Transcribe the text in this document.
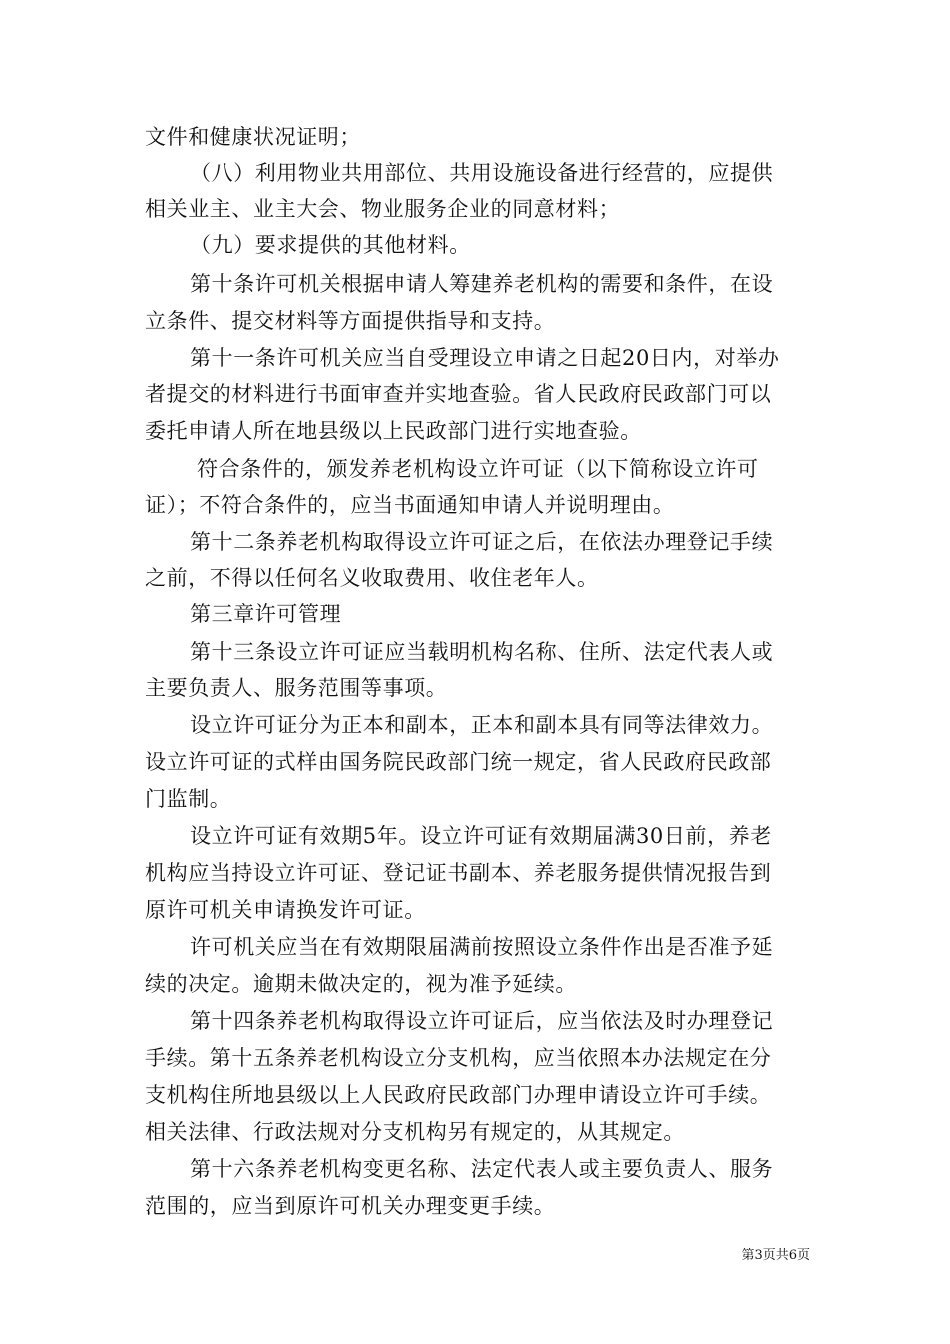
文件和健康状况证明；
（八）利用物业共用部位、共用设施设备进行经营的，应提供
相关业主、业主大会、物业服务企业的同意材料；
（九）要求提供的其他材料。
第十条许可机关根据申请人筹建养老机构的需要和条件，在设
立条件、提交材料等方面提供指导和支持。
第十一条许可机关应当自受理设立申请之日起20日内，对举办
者提交的材料进行书面审查并实地查验。省人民政府民政部门可以
委托申请人所在地县级以上民政部门进行实地查验。
符合条件的，颁发养老机构设立许可证（以下简称设立许可
证）；不符合条件的，应当书面通知申请人并说明理由。
第十二条养老机构取得设立许可证之后，在依法办理登记手续
之前，不得以任何名义收取费用、收住老年人。
第三章许可管理
第十三条设立许可证应当载明机构名称、住所、法定代表人或
主要负责人、服务范围等事项。
设立许可证分为正本和副本，正本和副本具有同等法律效力。
设立许可证的式样由国务院民政部门统一规定，省人民政府民政部
门监制。
设立许可证有效期5年。设立许可证有效期届满30日前，养老
机构应当持设立许可证、登记证书副本、养老服务提供情况报告到
原许可机关申请换发许可证。
许可机关应当在有效期限届满前按照设立条件作出是否准予延
续的决定。逾期未做决定的，视为准予延续。
第十四条养老机构取得设立许可证后，应当依法及时办理登记
手续。第十五条养老机构设立分支机构，应当依照本办法规定在分
支机构住所地县级以上人民政府民政部门办理申请设立许可手续。
相关法律、行政法规对分支机构另有规定的，从其规定。
第十六条养老机构变更名称、法定代表人或主要负责人、服务
范围的，应当到原许可机关办理变更手续。
第3页共6页
